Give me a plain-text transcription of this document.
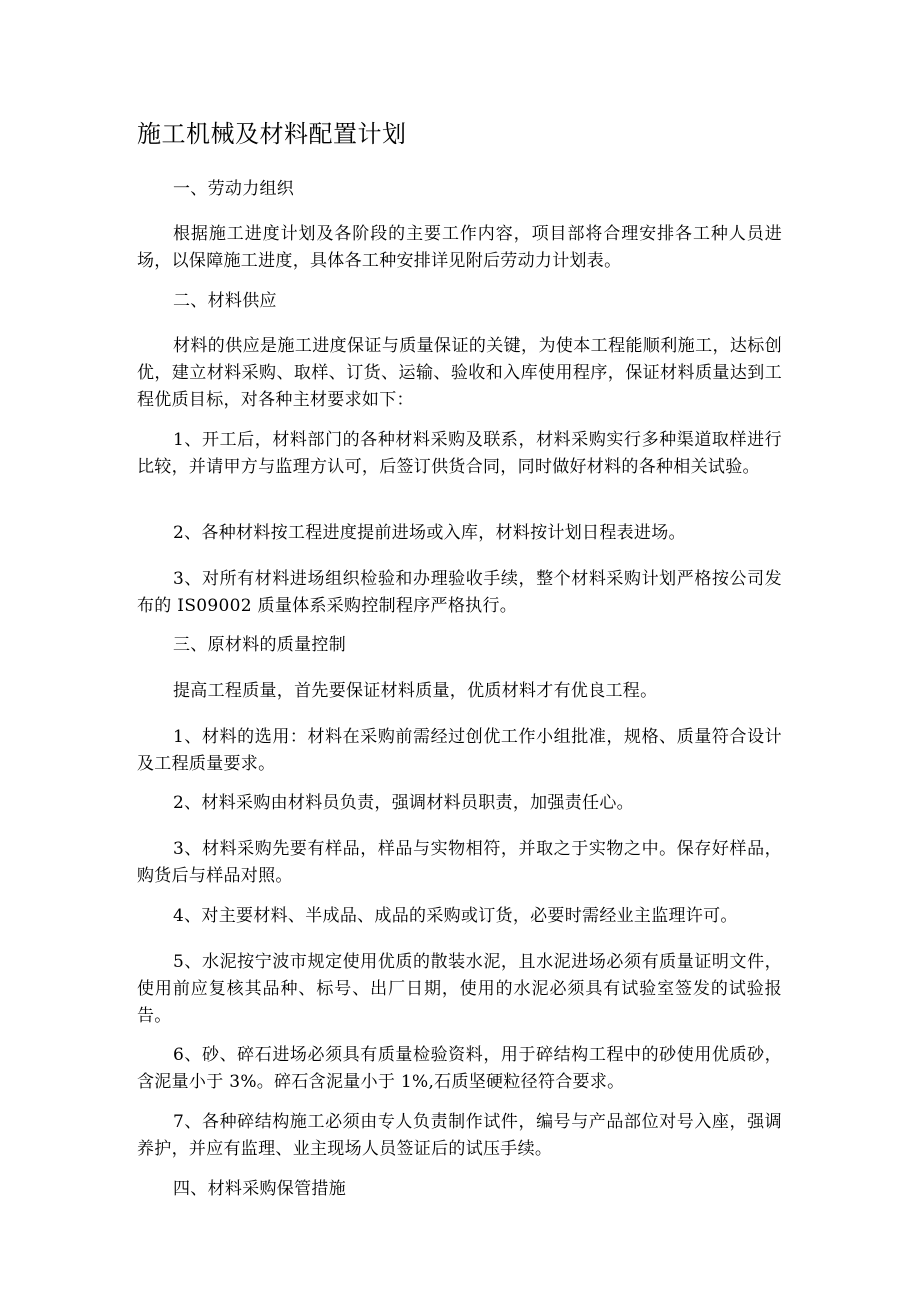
施工机械及材料配置计划

一、劳动力组织

根据施工进度计划及各阶段的主要工作内容，项目部将合理安排各工种人员进场，以保障施工进度，具体各工种安排详见附后劳动力计划表。

二、材料供应

材料的供应是施工进度保证与质量保证的关键，为使本工程能顺利施工，达标创优，建立材料采购、取样、订货、运输、验收和入库使用程序，保证材料质量达到工程优质目标，对各种主材要求如下：

1、开工后，材料部门的各种材料采购及联系，材料采购实行多种渠道取样进行比较，并请甲方与监理方认可，后签订供货合同，同时做好材料的各种相关试验。

2、各种材料按工程进度提前进场或入库，材料按计划日程表进场。

3、对所有材料进场组织检验和办理验收手续，整个材料采购计划严格按公司发布的 IS09002 质量体系采购控制程序严格执行。

三、原材料的质量控制

提高工程质量，首先要保证材料质量，优质材料才有优良工程。

1、材料的选用：材料在采购前需经过创优工作小组批准，规格、质量符合设计及工程质量要求。

2、材料采购由材料员负责，强调材料员职责，加强责任心。

3、材料采购先要有样品，样品与实物相符，并取之于实物之中。保存好样品，购货后与样品对照。

4、对主要材料、半成品、成品的采购或订货，必要时需经业主监理许可。

5、水泥按宁波市规定使用优质的散装水泥，且水泥进场必须有质量证明文件，使用前应复核其品种、标号、出厂日期，使用的水泥必须具有试验室签发的试验报告。

6、砂、碎石进场必须具有质量检验资料，用于碎结构工程中的砂使用优质砂，含泥量小于 3%。碎石含泥量小于 1%,石质坚硬粒径符合要求。

7、各种碎结构施工必须由专人负责制作试件，编号与产品部位对号入座，强调养护，并应有监理、业主现场人员签证后的试压手续。

四、材料采购保管措施
